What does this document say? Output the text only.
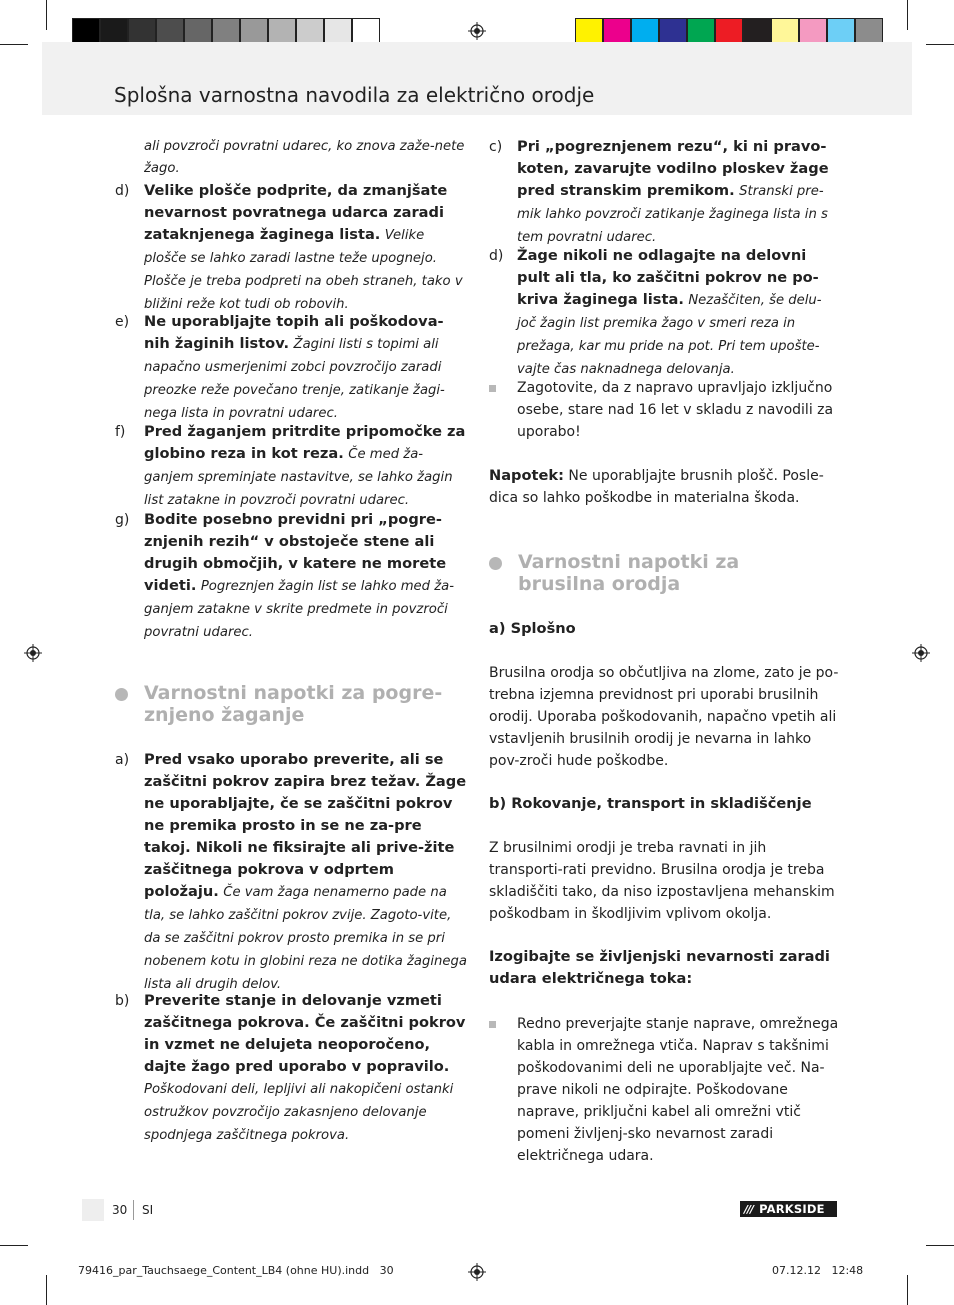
Splošna varnostna navodila za električno orodje
ali povzroči povratni udarec, ko znova zaže-nete žago.
d) Velike plošče podprite, da zmanjšate nevarnost povratnega udarca zaradi zataknjenega žaginega lista. Velike plošče se lahko zaradi lastne teže upognejo. Plošče je treba podpreti na obeh straneh, tako v bližini reže kot tudi ob robovih.
e) Ne uporabljajte topih ali poškodova-nih žaginih listov. Žagini listi s topimi ali napačno usmerjenimi zobci povzročijo zaradi preozke reže povečano trenje, zatikanje žagi-nega lista in povratni udarec.
f) Pred žaganjem pritrdite pripomočke za globino reza in kot reza. Če med ža-ganjem spreminjate nastavitve, se lahko žagin list zatakne in povzroči povratni udarec.
g) Bodite posebno previdni pri „pogre-znjenih rezih“ v obstoječe stene ali drugih območjih, v katere ne morete videti. Pogreznjen žagin list se lahko med ža-ganjem zatakne v skrite predmete in povzroči povratni udarec.
Varnostni napotki za pogre-znjeno žaganje
a) Pred vsako uporabo preverite, ali se zaščitni pokrov zapira brez težav. Žage ne uporabljajte, če se zaščitni pokrov ne premika prosto in se ne za-pre takoj. Nikoli ne fiksirajte ali prive-žite zaščitnega pokrova v odprtem položaju. Če vam žaga nenamerno pade na tla, se lahko zaščitni pokrov zvije. Zagoto-vite, da se zaščitni pokrov prosto premika in se pri nobenem kotu in globini reza ne dotika žaginega lista ali drugih delov.
b) Preverite stanje in delovanje vzmeti zaščitnega pokrova. Če zaščitni pokrov in vzmet ne delujeta neoporočeno, dajte žago pred uporabo v popravilo. Poškodovani deli, lepljivi ali nakopičeni ostanki ostružkov povzročijo zakasnjeno delovanje spodnjega zaščitnega pokrova.
c) Pri „pogreznjenem rezu“, ki ni pravo-koten, zavarujte vodilno ploskev žage pred stranskim premikom. Stranski pre-mik lahko povzroči zatikanje žaginega lista in s tem povratni udarec.
d) Žage nikoli ne odlagajte na delovni pult ali tla, ko zaščitni pokrov ne po-kriva žaginega lista. Nezaščiten, še delu-joč žagin list premika žago v smeri reza in prežaga, kar mu pride na pot. Pri tem upošte-vajte čas naknadnega delovanja.
Zagotovite, da z napravo upravljajo izključno osebe, stare nad 16 let v skladu z navodili za uporabo!
Napotek: Ne uporabljajte brusnih plošč. Posle-dica so lahko poškodbe in materialna škoda.
Varnostni napotki za brusilna orodja
a) Splošno
Brusilna orodja so občutljiva na zlome, zato je po-trebna izjemna previdnost pri uporabi brusilnih orodij. Uporaba poškodovanih, napačno vpetih ali vstavljenih brusilnih orodij je nevarna in lahko pov-zroči hude poškodbe.
b) Rokovanje, transport in skladiščenje
Z brusilnimi orodji je treba ravnati in jih transporti-rati previdno. Brusilna orodja je treba skladiščiti tako, da niso izpostavljena mehanskim poškodbam in škodljivim vplivom okolja.
Izogibajte se življenjski nevarnosti zaradi udara električnega toka:
Redno preverjajte stanje naprave, omrežnega kabla in omrežnega vtiča. Naprav s takšnimi poškodovanimi deli ne uporabljajte več. Na-prave nikoli ne odpirajte. Poškodovane naprave, priključni kabel ali omrežni vtič pomeni življenj-sko nevarnost zaradi električnega udara.
30 SI	/// PARKSIDE
79416_par_Tauchsaege_Content_LB4 (ohne HU).indd   30	07.12.12   12:48
